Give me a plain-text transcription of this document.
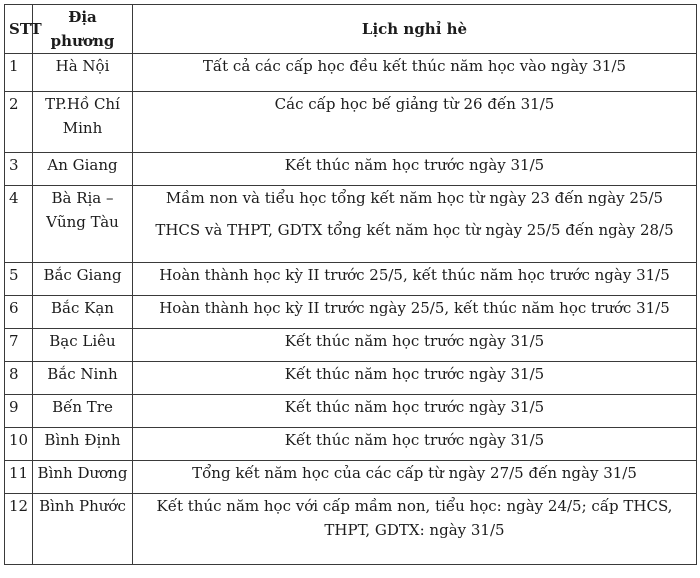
STT	Địa phương	Lịch nghỉ hè
1	Hà Nội	Tất cả các cấp học đều kết thúc năm học vào ngày 31/5

2	TP.Hồ Chí Minh	Các cấp học bế giảng từ 26 đến 31/5

3	An Giang	Kết thúc năm học trước ngày 31/5

4	Bà Rịa – Vũng Tàu	Mầm non và tiểu học tổng kết năm học từ ngày 23 đến ngày 25/5

THCS và THPT, GDTX tổng kết năm học từ ngày 25/5 đến ngày 28/5

5	Bắc Giang	Hoàn thành học kỳ II trước 25/5, kết thúc năm học trước ngày 31/5

6	Bắc Kạn	Hoàn thành học kỳ II trước ngày 25/5, kết thúc năm học trước 31/5

7	Bạc Liêu	Kết thúc năm học trước ngày 31/5

8	Bắc Ninh	Kết thúc năm học trước ngày 31/5

9	Bến Tre	Kết thúc năm học trước ngày 31/5

10	Bình Định	Kết thúc năm học trước ngày 31/5

11	Bình Dương	Tổng kết năm học của các cấp từ ngày 27/5 đến ngày 31/5

12	Bình Phước	Kết thúc năm học với cấp mầm non, tiểu học: ngày 24/5; cấp THCS, THPT, GDTX: ngày 31/5
